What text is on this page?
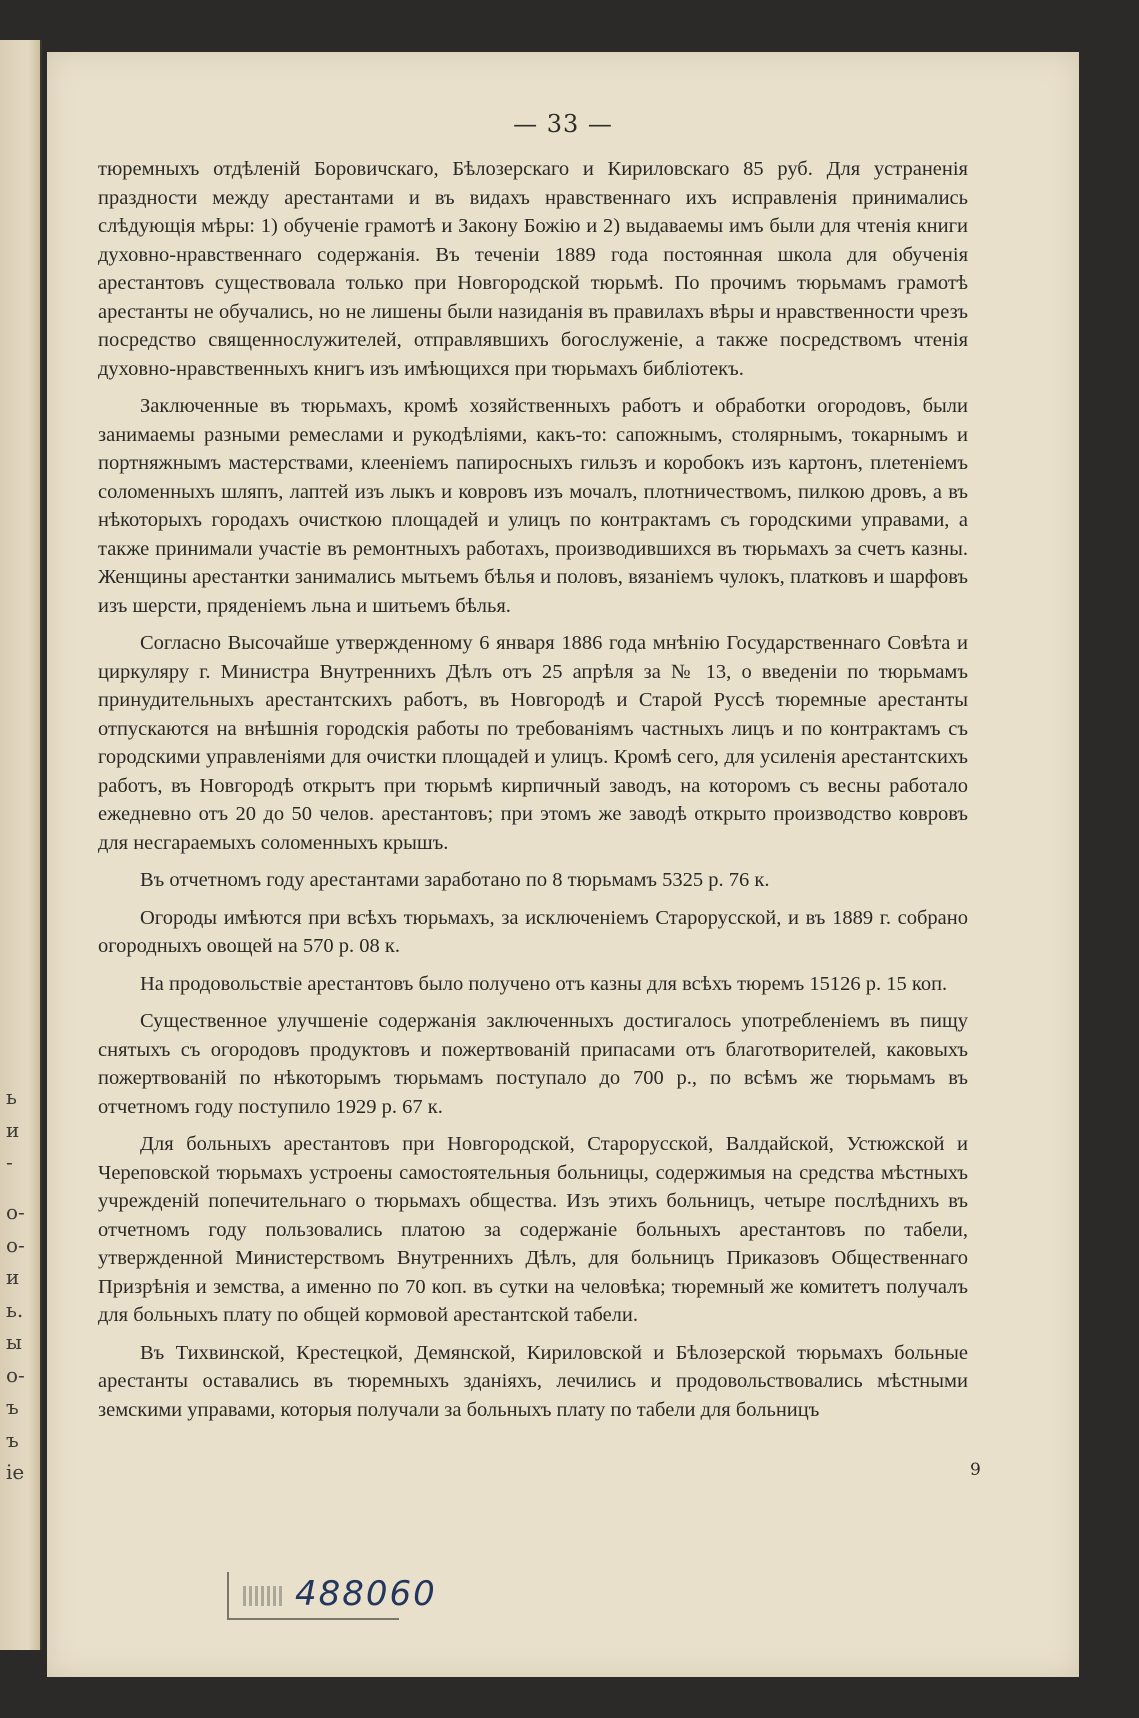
ь
и
-
о-
о-
и
ь.
ы
о-
ъ
ъ
іе
— 33 —

тюремныхъ отдѣленій Боровичскаго, Бѣлозерскаго и Кириловскаго 85 руб. Для устраненія праздности между арестантами и въ видахъ нравственнаго ихъ исправленія принимались слѣдующія мѣры: 1) обученіе грамотѣ и Закону Божію и 2) выдаваемы имъ были для чтенія книги духовно-нравственнаго содержанія. Въ теченіи 1889 года постоянная школа для обученія арестантовъ существовала только при Новгородской тюрьмѣ. По прочимъ тюрьмамъ грамотѣ арестанты не обучались, но не лишены были назиданія въ правилахъ вѣры и нравственности чрезъ посредство священнослужителей, отправлявшихъ богослуженіе, а также посредствомъ чтенія духовно-нравственныхъ книгъ изъ имѣющихся при тюрьмахъ библіотекъ.

Заключенные въ тюрьмахъ, кромѣ хозяйственныхъ работъ и обработки огородовъ, были занимаемы разными ремеслами и рукодѣліями, какъ-то: сапожнымъ, столярнымъ, токарнымъ и портняжнымъ мастерствами, клееніемъ папиросныхъ гильзъ и коробокъ изъ картонъ, плетеніемъ соломенныхъ шляпъ, лаптей изъ лыкъ и ковровъ изъ мочалъ, плотничествомъ, пилкою дровъ, а въ нѣкоторыхъ городахъ очисткою площадей и улицъ по контрактамъ съ городскими управами, а также принимали участіе въ ремонтныхъ работахъ, производившихся въ тюрьмахъ за счетъ казны. Женщины арестантки занимались мытьемъ бѣлья и половъ, вязаніемъ чулокъ, платковъ и шарфовъ изъ шерсти, пряденіемъ льна и шитьемъ бѣлья.

Согласно Высочайше утвержденному 6 января 1886 года мнѣнію Государственнаго Совѣта и циркуляру г. Министра Внутреннихъ Дѣлъ отъ 25 апрѣля за № 13, о введеніи по тюрьмамъ принудительныхъ арестантскихъ работъ, въ Новгородѣ и Старой Руссѣ тюремные арестанты отпускаются на внѣшнія городскія работы по требованіямъ частныхъ лицъ и по контрактамъ съ городскими управленіями для очистки площадей и улицъ. Кромѣ сего, для усиленія арестантскихъ работъ, въ Новгородѣ открытъ при тюрьмѣ кирпичный заводъ, на которомъ съ весны работало ежедневно отъ 20 до 50 челов. арестантовъ; при этомъ же заводѣ открыто производство ковровъ для несгараемыхъ соломенныхъ крышъ.

Въ отчетномъ году арестантами заработано по 8 тюрьмамъ 5325 р. 76 к.

Огороды имѣются при всѣхъ тюрьмахъ, за исключеніемъ Старорусской, и въ 1889 г. собрано огородныхъ овощей на 570 р. 08 к.

На продовольствіе арестантовъ было получено отъ казны для всѣхъ тюремъ 15126 р. 15 коп.

Существенное улучшеніе содержанія заключенныхъ достигалось употребленіемъ въ пищу снятыхъ съ огородовъ продуктовъ и пожертвованій припасами отъ благотворителей, каковыхъ пожертвованій по нѣкоторымъ тюрьмамъ поступало до 700 р., по всѣмъ же тюрьмамъ въ отчетномъ году поступило 1929 р. 67 к.

Для больныхъ арестантовъ при Новгородской, Старорусской, Валдайской, Устюжской и Череповской тюрьмахъ устроены самостоятельныя больницы, содержимыя на средства мѣстныхъ учрежденій попечительнаго о тюрьмахъ общества. Изъ этихъ больницъ, четыре послѣднихъ въ отчетномъ году пользовались платою за содержаніе больныхъ арестантовъ по табели, утвержденной Министерствомъ Внутреннихъ Дѣлъ, для больницъ Приказовъ Общественнаго Призрѣнія и земства, а именно по 70 коп. въ сутки на человѣка; тюремный же комитетъ получалъ для больныхъ плату по общей кормовой арестантской табели.

Въ Тихвинской, Крестецкой, Демянской, Кириловской и Бѣлозерской тюрьмахъ больные арестанты оставались въ тюремныхъ зданіяхъ, лечились и продовольствовались мѣстными земскими управами, которыя получали за больныхъ плату по табели для больницъ

9
488060
